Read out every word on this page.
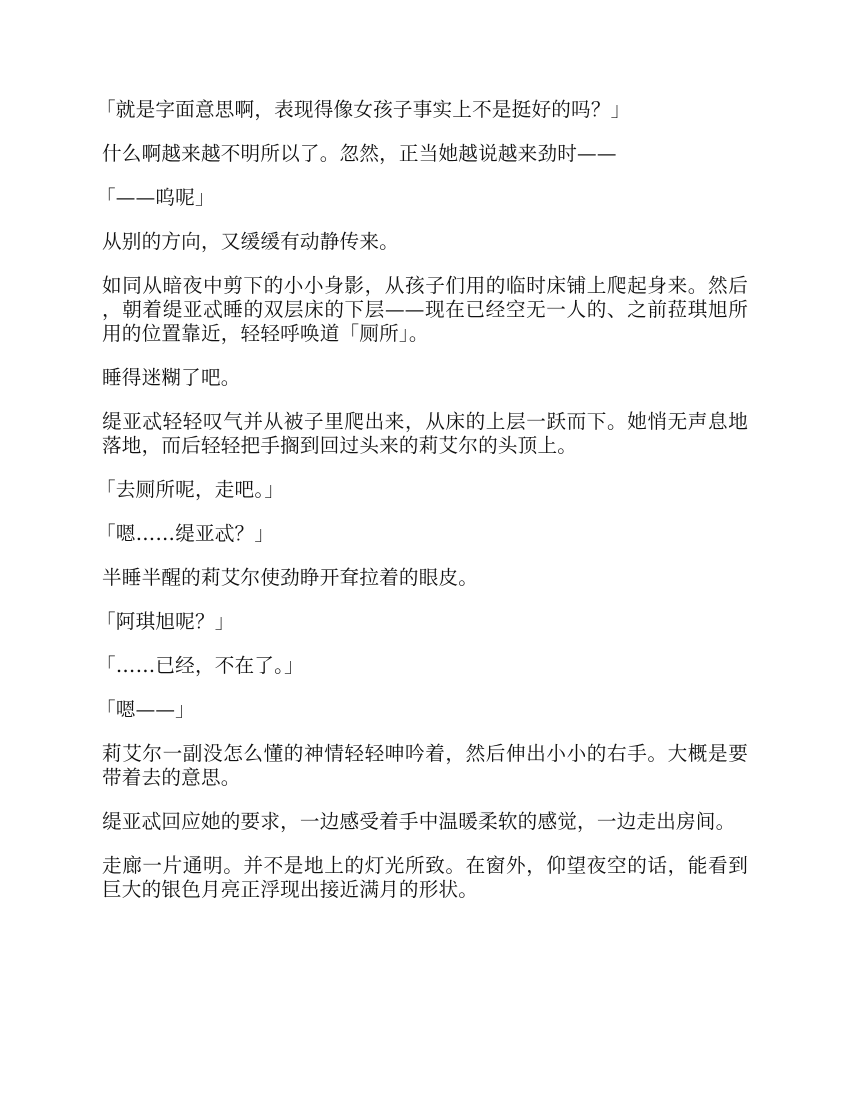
「就是字面意思啊，表现得像女孩子事实上不是挺好的吗？」

什么啊越来越不明所以了。忽然，正当她越说越来劲时——

「——呜呢」

从别的方向，又缓缓有动静传来。

如同从暗夜中剪下的小小身影，从孩子们用的临时床铺上爬起身来。然后，朝着缇亚忒睡的双层床的下层——现在已经空无一人的、之前菈琪旭所用的位置靠近，轻轻呼唤道「厕所」。

睡得迷糊了吧。

缇亚忒轻轻叹气并从被子里爬出来，从床的上层一跃而下。她悄无声息地落地，而后轻轻把手搁到回过头来的莉艾尔的头顶上。

「去厕所呢，走吧。」

「嗯……缇亚忒？」

半睡半醒的莉艾尔使劲睁开耷拉着的眼皮。

「阿琪旭呢？」

「……已经，不在了。」

「嗯——」

莉艾尔一副没怎么懂的神情轻轻呻吟着，然后伸出小小的右手。大概是要带着去的意思。

缇亚忒回应她的要求，一边感受着手中温暖柔软的感觉，一边走出房间。

走廊一片通明。并不是地上的灯光所致。在窗外，仰望夜空的话，能看到巨大的银色月亮正浮现出接近满月的形状。
